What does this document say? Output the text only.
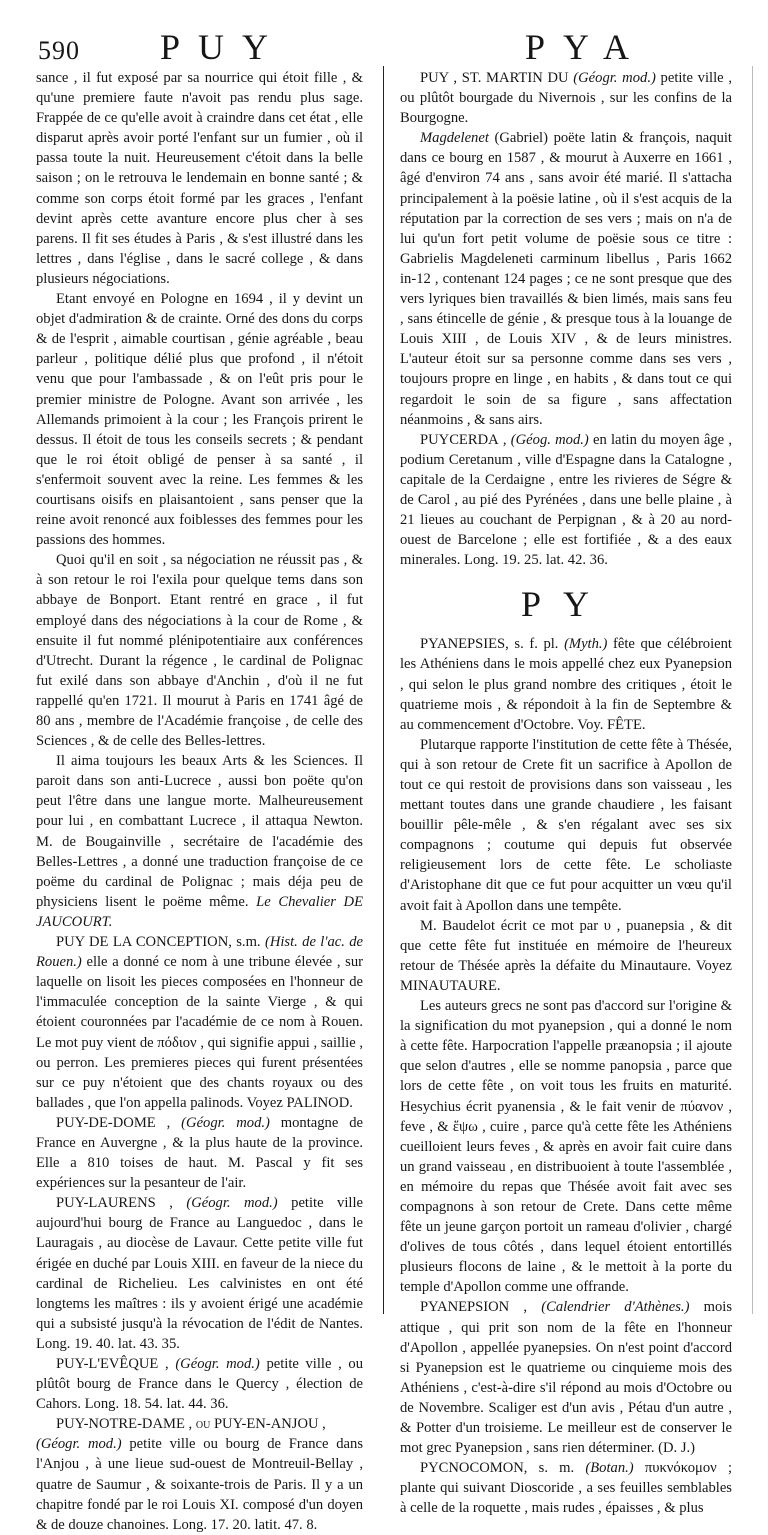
590 PUY	PYA

sance , il fut exposé par sa nourrice qui étoit fille , & qu'une premiere faute n'avoit pas rendu plus sage. Frappée de ce qu'elle avoit à craindre dans cet état , elle disparut après avoir porté l'enfant sur un fumier , où il passa toute la nuit. Heureusement c'étoit dans la belle saison ; on le retrouva le lendemain en bonne santé ; & comme son corps étoit formé par les graces , l'enfant devint après cette avanture encore plus cher à ses parens. Il fit ses études à Paris , & s'est illustré dans les lettres , dans l'église , dans le sacré college , & dans plusieurs négociations.

Etant envoyé en Pologne en 1694 , il y devint un objet d'admiration & de crainte. Orné des dons du corps & de l'esprit , aimable courtisan , génie agréable , beau parleur , politique délié plus que profond , il n'étoit venu que pour l'ambassade , & on l'eût pris pour le premier ministre de Pologne. Avant son arrivée , les Allemands primoient à la cour ; les François prirent le dessus. Il étoit de tous les conseils secrets ; & pendant que le roi étoit obligé de penser à sa santé , il s'enfermoit souvent avec la reine. Les femmes & les courtisans oisifs en plaisantoient , sans penser que la reine avoit renoncé aux foiblesses des femmes pour les passions des hommes.

Quoi qu'il en soit , sa négociation ne réussit pas , & à son retour le roi l'exila pour quelque tems dans son abbaye de Bonport. Etant rentré en grace , il fut employé dans des négociations à la cour de Rome , & ensuite il fut nommé plénipotentiaire aux conférences d'Utrecht. Durant la régence , le cardinal de Polignac fut exilé dans son abbaye d'Anchin , d'où il ne fut rappellé qu'en 1721. Il mourut à Paris en 1741 âgé de 80 ans , membre de l'Académie françoise , de celle des Sciences , & de celle des Belles-lettres.

Il aima toujours les beaux Arts & les Sciences. Il paroit dans son anti-Lucrece , aussi bon poëte qu'on peut l'être dans une langue morte. Malheureusement pour lui , en combattant Lucrece , il attaqua Newton. M. de Bougainville , secrétaire de l'académie des Belles-Lettres , a donné une traduction françoise de ce poëme du cardinal de Polignac ; mais déja peu de physiciens lisent le poëme même. Le Chevalier DE JAUCOURT.

PUY DE LA CONCEPTION, s.m. (Hist. de l'ac. de Rouen.) elle a donné ce nom à une tribune élevée , sur laquelle on lisoit les pieces composées en l'honneur de l'immaculée conception de la sainte Vierge , & qui étoient couronnées par l'académie de ce nom à Rouen. Le mot puy vient de πόδιον , qui signifie appui , saillie , ou perron. Les premieres pieces qui furent présentées sur ce puy n'étoient que des chants royaux ou des ballades , que l'on appella palinods. Voyez PALINOD.

PUY-DE-DOME , (Géogr. mod.) montagne de France en Auvergne , & la plus haute de la province. Elle a 810 toises de haut. M. Pascal y fit ses expériences sur la pesanteur de l'air.

PUY-LAURENS , (Géogr. mod.) petite ville aujourd'hui bourg de France au Languedoc , dans le Lauragais , au diocèse de Lavaur. Cette petite ville fut érigée en duché par Louis XIII. en faveur de la niece du cardinal de Richelieu. Les calvinistes en ont été longtems les maîtres : ils y avoient érigé une académie qui a subsisté jusqu'à la révocation de l'édit de Nantes. Long. 19. 40. lat. 43. 35.

PUY-L'EVÊQUE , (Géogr. mod.) petite ville , ou plûtôt bourg de France dans le Quercy , élection de Cahors. Long. 18. 54. lat. 44. 36.

PUY-NOTRE-DAME , ou PUY-EN-ANJOU ,
(Géogr. mod.) petite ville ou bourg de France dans l'Anjou , à une lieue sud-ouest de Montreuil-Bellay , quatre de Saumur , & soixante-trois de Paris. Il y a un chapitre fondé par le roi Louis XI. composé d'un doyen & de douze chanoines. Long. 17. 20. latit. 47. 8.

PUY , ST. MARTIN DU (Géogr. mod.) petite ville , ou plûtôt bourgade du Nivernois , sur les confins de la Bourgogne.

Magdelenet (Gabriel) poëte latin & françois, naquit dans ce bourg en 1587 , & mourut à Auxerre en 1661 , âgé d'environ 74 ans , sans avoir été marié. Il s'attacha principalement à la poësie latine , où il s'est acquis de la réputation par la correction de ses vers ; mais on n'a de lui qu'un fort petit volume de poësie sous ce titre : Gabrielis Magdeleneti carminum libellus , Paris 1662 in-12 , contenant 124 pages ; ce ne sont presque que des vers lyriques bien travaillés & bien limés, mais sans feu , sans étincelle de génie , & presque tous à la louange de Louis XIII , de Louis XIV , & de leurs ministres. L'auteur étoit sur sa personne comme dans ses vers , toujours propre en linge , en habits , & dans tout ce qui regardoit le soin de sa figure , sans affectation néanmoins , & sans airs.

PUYCERDA , (Géog. mod.) en latin du moyen âge , podium Ceretanum , ville d'Espagne dans la Catalogne , capitale de la Cerdaigne , entre les rivieres de Ségre & de Carol , au pié des Pyrénées , dans une belle plaine , à 21 lieues au couchant de Perpignan , & à 20 au nord-ouest de Barcelone ; elle est fortifiée , & a des eaux minerales. Long. 19. 25. lat. 42. 36.

PY

PYANEPSIES, s. f. pl. (Myth.) fête que célébroient les Athéniens dans le mois appellé chez eux Pyanepsion , qui selon le plus grand nombre des critiques , étoit le quatrieme mois , & répondoit à la fin de Septembre & au commencement d'Octobre. Voy. FÊTE.

Plutarque rapporte l'institution de cette fête à Thésée, qui à son retour de Crete fit un sacrifice à Apollon de tout ce qui restoit de provisions dans son vaisseau , les mettant toutes dans une grande chaudiere , les faisant bouillir pêle-mêle , & s'en régalant avec ses six compagnons ; coutume qui depuis fut observée religieusement lors de cette fête. Le scholiaste d'Aristophane dit que ce fut pour acquitter un vœu qu'il avoit fait à Apollon dans une tempête.

M. Baudelot écrit ce mot par υ , puanepsia , & dit que cette fête fut instituée en mémoire de l'heureux retour de Thésée après la défaite du Minautaure. Voyez MINAUTAURE.

Les auteurs grecs ne sont pas d'accord sur l'origine & la signification du mot pyanepsion , qui a donné le nom à cette fête. Harpocration l'appelle præanopsia ; il ajoute que selon d'autres , elle se nomme panopsia , parce que lors de cette fête , on voit tous les fruits en maturité. Hesychius écrit pyanensia , & le fait venir de πύανον , feve , & ἕψω , cuire , parce qu'à cette fête les Athéniens cueilloient leurs feves , & après en avoir fait cuire dans un grand vaisseau , en distribuoient à toute l'assemblée , en mémoire du repas que Thésée avoit fait avec ses compagnons à son retour de Crete. Dans cette même fête un jeune garçon portoit un rameau d'olivier , chargé d'olives de tous côtés , dans lequel étoient entortillés plusieurs flocons de laine , & le mettoit à la porte du temple d'Apollon comme une offrande.

PYANEPSION , (Calendrier d'Athènes.) mois attique , qui prit son nom de la fête en l'honneur d'Apollon , appellée pyanepsies. On n'est point d'accord si Pyanepsion est le quatrieme ou cinquieme mois des Athéniens , c'est-à-dire s'il répond au mois d'Octobre ou de Novembre. Scaliger est d'un avis , Pétau d'un autre , & Potter d'un troisieme. Le meilleur est de conserver le mot grec Pyanepsion , sans rien déterminer. (D. J.)

PYCNOCOMON, s. m. (Botan.) πυκνόκομον ; plante qui suivant Dioscoride , a ses feuilles semblables à celle de la roquette , mais rudes , épaisses , & plus
